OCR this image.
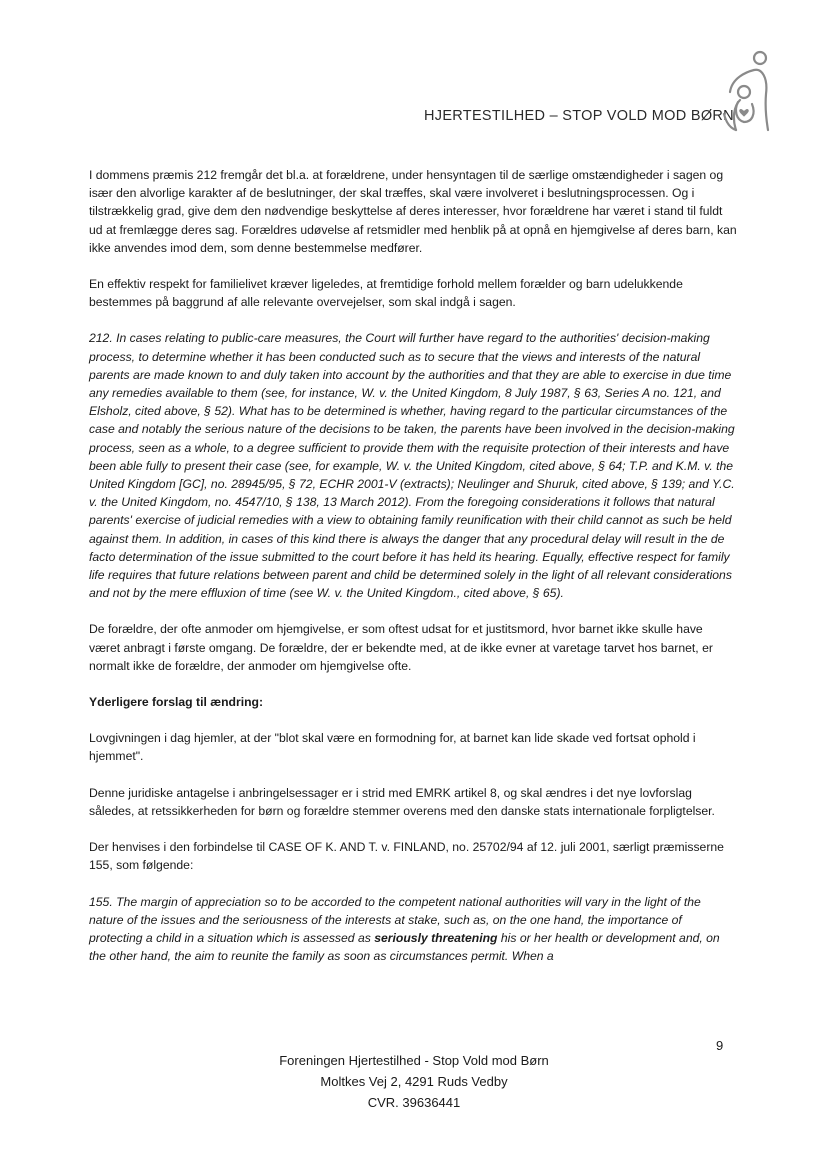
HJERTESTILHED – STOP VOLD MOD BØRN

I dommens præmis 212 fremgår det bl.a. at forældrene, under hensyntagen til de særlige omstændigheder i sagen og især den alvorlige karakter af de beslutninger, der skal træffes, skal være involveret i beslutningsprocessen. Og i tilstrækkelig grad, give dem den nødvendige beskyttelse af deres interesser, hvor forældrene har været i stand til fuldt ud at fremlægge deres sag. Forældres udøvelse af retsmidler med henblik på at opnå en hjemgivelse af deres barn, kan ikke anvendes imod dem, som denne bestemmelse medfører.

En effektiv respekt for familielivet kræver ligeledes, at fremtidige forhold mellem forælder og barn udelukkende bestemmes på baggrund af alle relevante overvejelser, som skal indgå i sagen.

212. In cases relating to public-care measures, the Court will further have regard to the authorities' decision-making process, to determine whether it has been conducted such as to secure that the views and interests of the natural parents are made known to and duly taken into account by the authorities and that they are able to exercise in due time any remedies available to them (see, for instance, W. v. the United Kingdom, 8 July 1987, § 63, Series A no. 121, and Elsholz, cited above, § 52). What has to be determined is whether, having regard to the particular circumstances of the case and notably the serious nature of the decisions to be taken, the parents have been involved in the decision-making process, seen as a whole, to a degree sufficient to provide them with the requisite protection of their interests and have been able fully to present their case (see, for example, W. v. the United Kingdom, cited above, § 64; T.P. and K.M. v. the United Kingdom [GC], no. 28945/95, § 72, ECHR 2001-V (extracts); Neulinger and Shuruk, cited above, § 139; and Y.C. v. the United Kingdom, no. 4547/10, § 138, 13 March 2012). From the foregoing considerations it follows that natural parents' exercise of judicial remedies with a view to obtaining family reunification with their child cannot as such be held against them. In addition, in cases of this kind there is always the danger that any procedural delay will result in the de facto determination of the issue submitted to the court before it has held its hearing. Equally, effective respect for family life requires that future relations between parent and child be determined solely in the light of all relevant considerations and not by the mere effluxion of time (see W. v. the United Kingdom., cited above, § 65).

De forældre, der ofte anmoder om hjemgivelse, er som oftest udsat for et justitsmord, hvor barnet ikke skulle have været anbragt i første omgang. De forældre, der er bekendte med, at de ikke evner at varetage tarvet hos barnet, er normalt ikke de forældre, der anmoder om hjemgivelse ofte.

Yderligere forslag til ændring:

Lovgivningen i dag hjemler, at der "blot skal være en formodning for, at barnet kan lide skade ved fortsat ophold i hjemmet".

Denne juridiske antagelse i anbringelsessager er i strid med EMRK artikel 8, og skal ændres i det nye lovforslag således, at retssikkerheden for børn og forældre stemmer overens med den danske stats internationale forpligtelser.

Der henvises i den forbindelse til CASE OF K. AND T. v. FINLAND, no. 25702/94 af 12. juli 2001, særligt præmisserne 155, som følgende:

155. The margin of appreciation so to be accorded to the competent national authorities will vary in the light of the nature of the issues and the seriousness of the interests at stake, such as, on the one hand, the importance of protecting a child in a situation which is assessed as seriously threatening his or her health or development and, on the other hand, the aim to reunite the family as soon as circumstances permit. When a

9
Foreningen Hjertestilhed - Stop Vold mod Børn
Moltkes Vej 2, 4291 Ruds Vedby
CVR. 39636441
